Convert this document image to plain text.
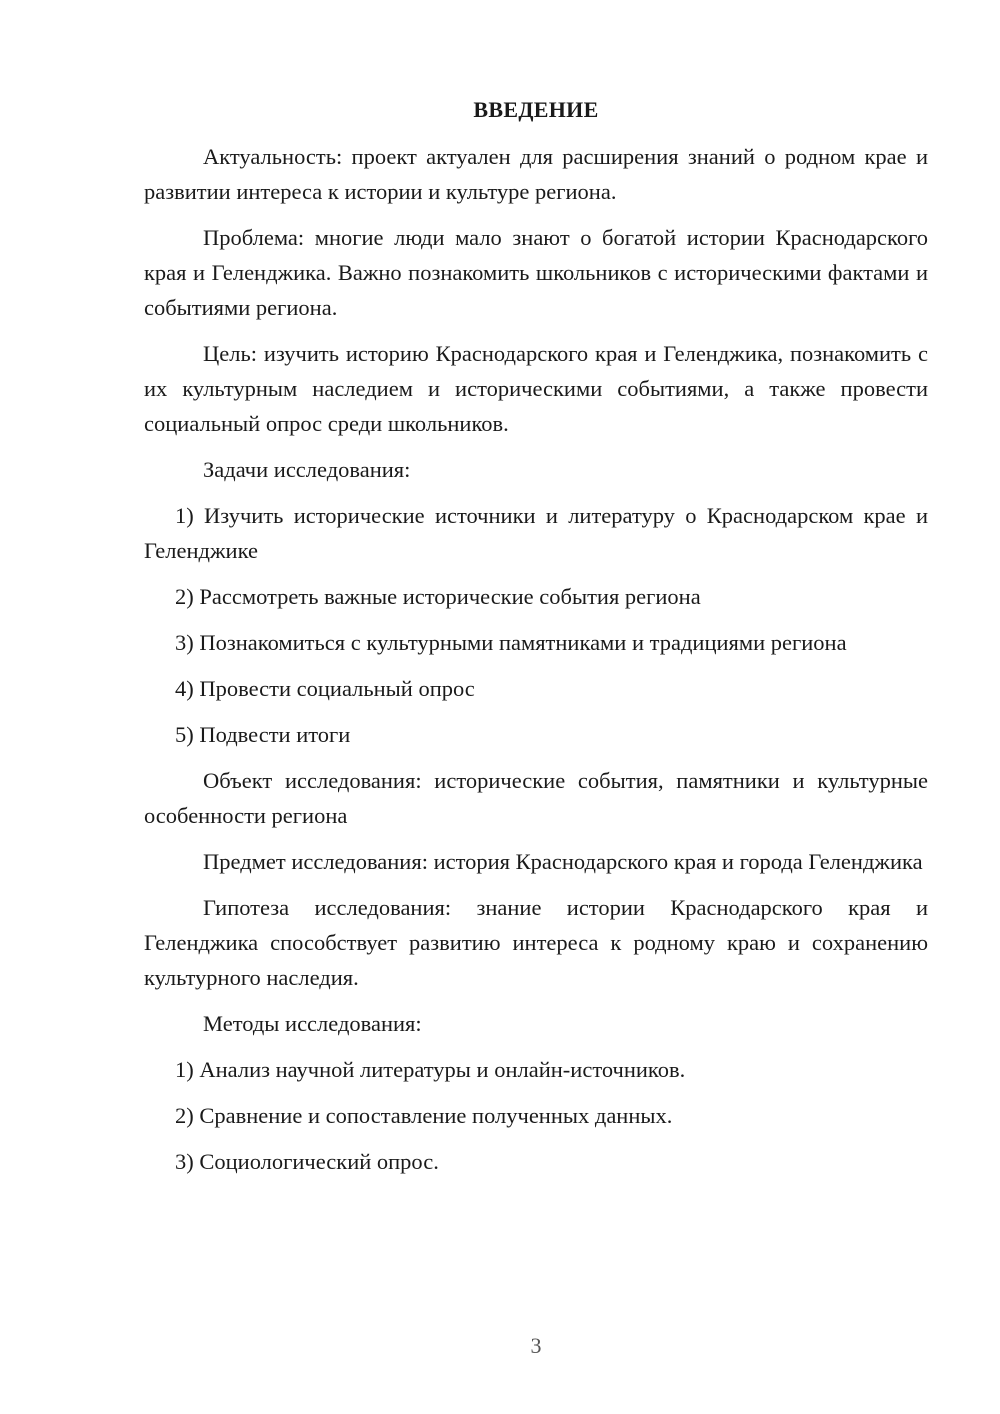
ВВЕДЕНИЕ

Актуальность: проект актуален для расширения знаний о родном крае и развитии интереса к истории и культуре региона.

Проблема: многие люди мало знают о богатой истории Краснодарского края и Геленджика. Важно познакомить школьников с историческими фактами и событиями региона.

Цель: изучить историю Краснодарского края и Геленджика, познакомить с их культурным наследием и историческими событиями, а также провести социальный опрос среди школьников.

Задачи исследования:

1) Изучить исторические источники и литературу о Краснодарском крае и Геленджике

2) Рассмотреть важные исторические события региона

3) Познакомиться с культурными памятниками и традициями региона

4) Провести социальный опрос

5) Подвести итоги

Объект исследования: исторические события, памятники и культурные особенности региона

Предмет исследования: история Краснодарского края и города Геленджика

Гипотеза исследования: знание истории Краснодарского края и Геленджика способствует развитию интереса к родному краю и сохранению культурного наследия.

Методы исследования:

1) Анализ научной литературы и онлайн-источников.

2) Сравнение и сопоставление полученных данных.

3) Социологический опрос.

3
